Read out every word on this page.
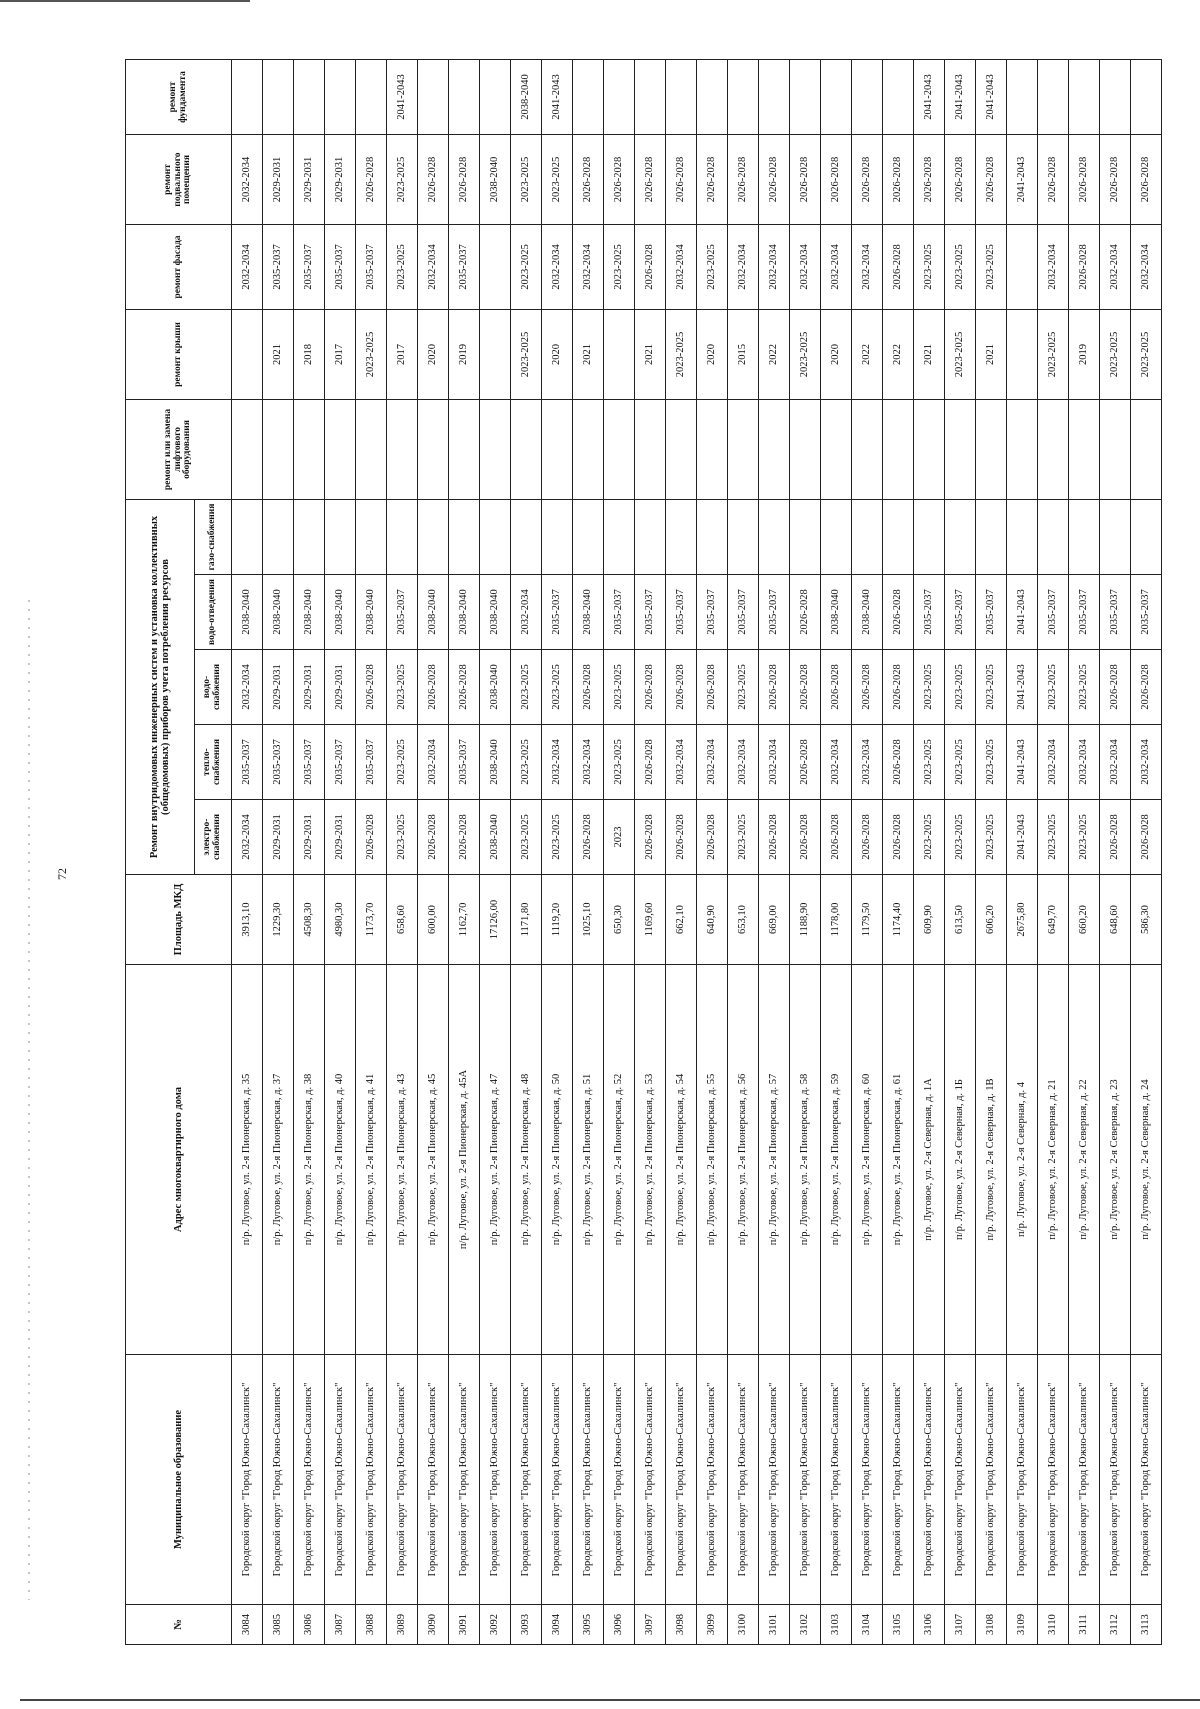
72
№	Муниципальное образование	Адрес многоквартирного дома	Площадь МКД	Ремонт внутридомовых инженерных систем и установка коллективных (общедомовых) приборов учета потребления ресурсов					ремонт или замена лифтового оборудования	ремонт крыши	ремонт фасада	ремонт подвального помещения	ремонт фундамента

				электро-снабжения	тепло-снабжения	водо-снабжения	водо-отведения	газо-снабжения					
3084	Городской округ "Город Южно-Сахалинск"	п/р. Луговое, ул. 2-я Пионерская, д. 35	3913,10	2032-2034	2035-2037	2032-2034	2038-2040				2032-2034	2032-2034	
3085	Городской округ "Город Южно-Сахалинск"	п/р. Луговое, ул. 2-я Пионерская, д. 37	1229,30	2029-2031	2035-2037	2029-2031	2038-2040			2021	2035-2037	2029-2031	
3086	Городской округ "Город Южно-Сахалинск"	п/р. Луговое, ул. 2-я Пионерская, д. 38	4508,30	2029-2031	2035-2037	2029-2031	2038-2040			2018	2035-2037	2029-2031	
3087	Городской округ "Город Южно-Сахалинск"	п/р. Луговое, ул. 2-я Пионерская, д. 40	4980,30	2029-2031	2035-2037	2029-2031	2038-2040			2017	2035-2037	2029-2031	
3088	Городской округ "Город Южно-Сахалинск"	п/р. Луговое, ул. 2-я Пионерская, д. 41	1173,70	2026-2028	2035-2037	2026-2028	2038-2040			2023-2025	2035-2037	2026-2028	
3089	Городской округ "Город Южно-Сахалинск"	п/р. Луговое, ул. 2-я Пионерская, д. 43	658,60	2023-2025	2023-2025	2023-2025	2035-2037			2017	2023-2025	2023-2025	2041-2043
3090	Городской округ "Город Южно-Сахалинск"	п/р. Луговое, ул. 2-я Пионерская, д. 45	600,00	2026-2028	2032-2034	2026-2028	2038-2040			2020	2032-2034	2026-2028	
3091	Городской округ "Город Южно-Сахалинск"	п/р. Луговое, ул. 2-я Пионерская, д. 45А	1162,70	2026-2028	2035-2037	2026-2028	2038-2040			2019	2035-2037	2026-2028	
3092	Городской округ "Город Южно-Сахалинск"	п/р. Луговое, ул. 2-я Пионерская, д. 47	17126,00	2038-2040	2038-2040	2038-2040	2038-2040					2038-2040	
3093	Городской округ "Город Южно-Сахалинск"	п/р. Луговое, ул. 2-я Пионерская, д. 48	1171,80	2023-2025	2023-2025	2023-2025	2032-2034			2023-2025	2023-2025	2023-2025	2038-2040
3094	Городской округ "Город Южно-Сахалинск"	п/р. Луговое, ул. 2-я Пионерская, д. 50	1119,20	2023-2025	2032-2034	2023-2025	2035-2037			2020	2032-2034	2023-2025	2041-2043
3095	Городской округ "Город Южно-Сахалинск"	п/р. Луговое, ул. 2-я Пионерская, д. 51	1025,10	2026-2028	2032-2034	2026-2028	2038-2040			2021	2032-2034	2026-2028	
3096	Городской округ "Город Южно-Сахалинск"	п/р. Луговое, ул. 2-я Пионерская, д. 52	650,30	2023	2023-2025	2023-2025	2035-2037				2023-2025	2026-2028	
3097	Городской округ "Город Южно-Сахалинск"	п/р. Луговое, ул. 2-я Пионерская, д. 53	1169,60	2026-2028	2026-2028	2026-2028	2035-2037			2021	2026-2028	2026-2028	
3098	Городской округ "Город Южно-Сахалинск"	п/р. Луговое, ул. 2-я Пионерская, д. 54	662,10	2026-2028	2032-2034	2026-2028	2035-2037			2023-2025	2032-2034	2026-2028	
3099	Городской округ "Город Южно-Сахалинск"	п/р. Луговое, ул. 2-я Пионерская, д. 55	640,90	2026-2028	2032-2034	2026-2028	2035-2037			2020	2023-2025	2026-2028	
3100	Городской округ "Город Южно-Сахалинск"	п/р. Луговое, ул. 2-я Пионерская, д. 56	653,10	2023-2025	2032-2034	2023-2025	2035-2037			2015	2032-2034	2026-2028	
3101	Городской округ "Город Южно-Сахалинск"	п/р. Луговое, ул. 2-я Пионерская, д. 57	669,00	2026-2028	2032-2034	2026-2028	2035-2037			2022	2032-2034	2026-2028	
3102	Городской округ "Город Южно-Сахалинск"	п/р. Луговое, ул. 2-я Пионерская, д. 58	1188,90	2026-2028	2026-2028	2026-2028	2026-2028			2023-2025	2032-2034	2026-2028	
3103	Городской округ "Город Южно-Сахалинск"	п/р. Луговое, ул. 2-я Пионерская, д. 59	1178,00	2026-2028	2032-2034	2026-2028	2038-2040			2020	2032-2034	2026-2028	
3104	Городской округ "Город Южно-Сахалинск"	п/р. Луговое, ул. 2-я Пионерская, д. 60	1179,50	2026-2028	2032-2034	2026-2028	2038-2040			2022	2032-2034	2026-2028	
3105	Городской округ "Город Южно-Сахалинск"	п/р. Луговое, ул. 2-я Пионерская, д. 61	1174,40	2026-2028	2026-2028	2026-2028	2026-2028			2022	2026-2028	2026-2028	
3106	Городской округ "Город Южно-Сахалинск"	п/р. Луговое, ул. 2-я Северная, д. 1А	609,90	2023-2025	2023-2025	2023-2025	2035-2037			2021	2023-2025	2026-2028	2041-2043
3107	Городской округ "Город Южно-Сахалинск"	п/р. Луговое, ул. 2-я Северная, д. 1Б	613,50	2023-2025	2023-2025	2023-2025	2035-2037			2023-2025	2023-2025	2026-2028	2041-2043
3108	Городской округ "Город Южно-Сахалинск"	п/р. Луговое, ул. 2-я Северная, д. 1В	606,20	2023-2025	2023-2025	2023-2025	2035-2037			2021	2023-2025	2026-2028	2041-2043
3109	Городской округ "Город Южно-Сахалинск"	п/р. Луговое, ул. 2-я Северная, д. 4	2675,80	2041-2043	2041-2043	2041-2043	2041-2043					2041-2043	
3110	Городской округ "Город Южно-Сахалинск"	п/р. Луговое, ул. 2-я Северная, д. 21	649,70	2023-2025	2032-2034	2023-2025	2035-2037			2023-2025	2032-2034	2026-2028	
3111	Городской округ "Город Южно-Сахалинск"	п/р. Луговое, ул. 2-я Северная, д. 22	660,20	2023-2025	2032-2034	2023-2025	2035-2037			2019	2026-2028	2026-2028	
3112	Городской округ "Город Южно-Сахалинск"	п/р. Луговое, ул. 2-я Северная, д. 23	648,60	2026-2028	2032-2034	2026-2028	2035-2037			2023-2025	2032-2034	2026-2028	
3113	Городской округ "Город Южно-Сахалинск"	п/р. Луговое, ул. 2-я Северная, д. 24	586,30	2026-2028	2032-2034	2026-2028	2035-2037			2023-2025	2032-2034	2026-2028	
